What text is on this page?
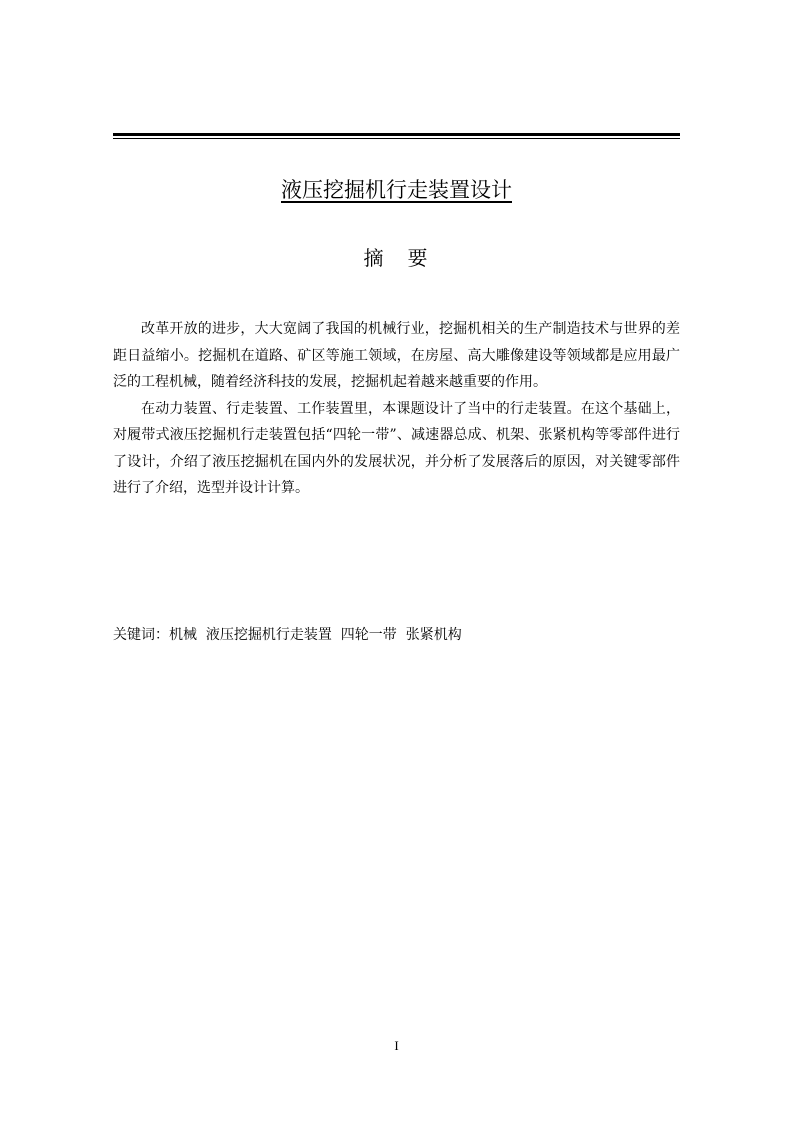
液压挖掘机行走装置设计
摘　要

改革开放的进步，大大宽阔了我国的机械行业，挖掘机相关的生产制造技术与世界的差距日益缩小。挖掘机在道路、矿区等施工领域，在房屋、高大雕像建设等领域都是应用最广泛的工程机械，随着经济科技的发展，挖掘机起着越来越重要的作用。

在动力装置、行走装置、工作装置里，本课题设计了当中的行走装置。在这个基础上，对履带式液压挖掘机行走装置包括“四轮一带”、减速器总成、机架、张紧机构等零部件进行了设计，介绍了液压挖掘机在国内外的发展状况，并分析了发展落后的原因，对关键零部件进行了介绍，选型并设计计算。

关键词：机械  液压挖掘机行走装置  四轮一带  张紧机构
I
